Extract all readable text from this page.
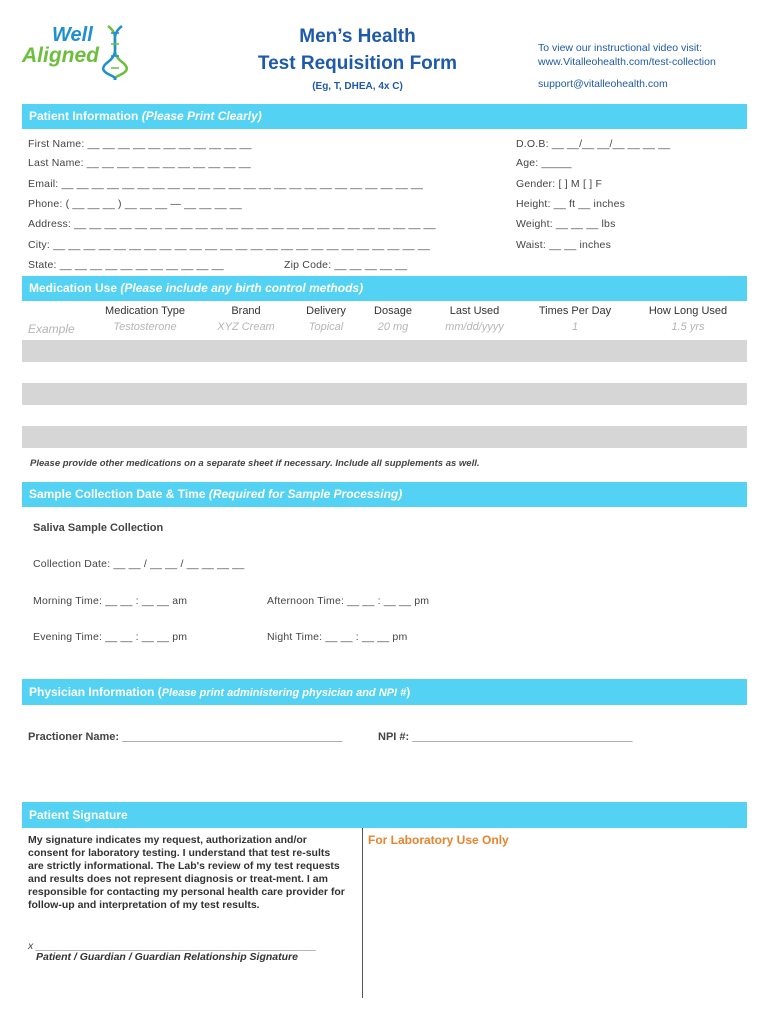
Well
Aligned
Men’s Health
Test Requisition Form
(Eg, T, DHEA, 4x C)
To view our instructional video visit:
www.Vitalleohealth.com/test-collection
support@vitalleohealth.com
Patient Information (Please Print Clearly)
First Name: __ __ __ __ __ __ __ __ __ __ __
Last Name: __ __ __ __ __ __ __ __ __ __ __
Email: __ __ __ __ __ __ __ __ __ __ __ __ __ __ __ __ __ __ __ __ __ __ __ __
Phone: ( __ __ __ ) __ __ __ — __ __ __ __
Address: __ __ __ __ __ __ __ __ __ __ __ __ __ __ __ __ __ __ __ __ __ __ __ __
City: __ __ __ __ __ __ __ __ __ __ __ __ __ __ __ __ __ __ __ __ __ __ __ __ __
State: __ __ __ __ __ __ __ __ __ __ __	Zip Code: __ __ __ __ __
D.O.B: __ __/__ __/__ __ __ __
Age: _____
Gender: [ ] M [ ] F
Height: __ ft __ inches
Weight: __ __ __ lbs
Waist: __ __ inches
Medication Use (Please include any birth control methods)
Medication Type	Brand	Delivery	Dosage	Last Used	Times Per Day	How Long Used
Example	Testosterone	XYZ Cream	Topical	20 mg	mm/dd/yyyy	1	1.5 yrs
Please provide other medications on a separate sheet if necessary. Include all supplements as well.
Sample Collection Date & Time (Required for Sample Processing)
Saliva Sample Collection
Collection Date: __ __ / __ __ / __ __ __ __
Morning Time: __ __ : __ __ am	Afternoon Time: __ __ : __ __ pm
Evening Time: __ __ : __ __ pm	Night Time: __ __ : __ __ pm
Physician Information (Please print administering physician and NPI #)
Practioner Name: ____________________________________	NPI #: ____________________________________
Patient Signature
My signature indicates my request, authorization and/or consent for laboratory testing. I understand that test re-sults are strictly informational. The Lab's review of my test requests and results does not represent diagnosis or treat-ment. I am responsible for contacting my personal health care provider for follow-up and interpretation of my test results.
x ________________________________________________
Patient / Guardian / Guardian Relationship Signature
For Laboratory Use Only
